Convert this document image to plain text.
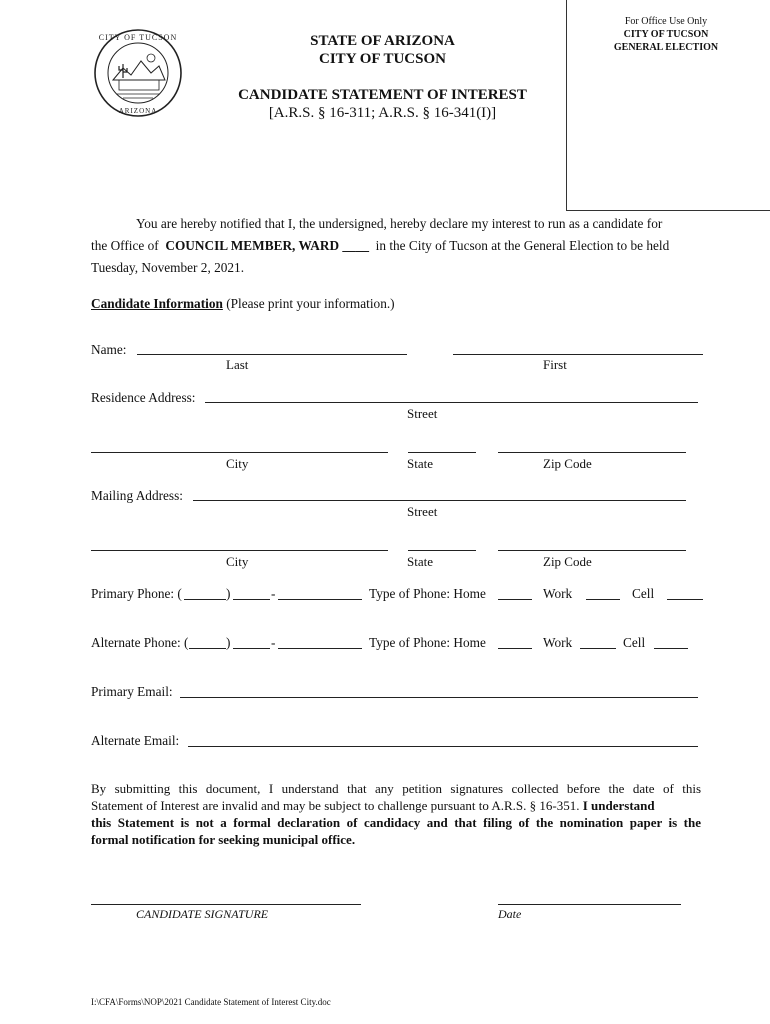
CITY OF TUCSON
ARIZONA
STATE OF ARIZONA
CITY OF TUCSON
CANDIDATE STATEMENT OF INTEREST
[A.R.S. § 16-311; A.R.S. § 16-341(I)]
For Office Use Only
CITY OF TUCSON
GENERAL ELECTION
You are hereby notified that I, the undersigned, hereby declare my interest to run as a candidate for
the Office of COUNCIL MEMBER, WARD ____ in the City of Tucson at the General Election to be held
Tuesday, November 2, 2021.
Candidate Information (Please print your information.)
Name:
Last	First
Residence Address:
Street
City	State	Zip Code
Mailing Address:
Street
City	State	Zip Code
Primary Phone: (	)	-	Type of Phone: Home	Work	Cell
Alternate Phone: (	)	-	Type of Phone: Home	Work	Cell
Primary Email:
Alternate Email:
By submitting this document, I understand that any petition signatures collected before the date of this
Statement of Interest are invalid and may be subject to challenge pursuant to A.R.S. § 16-351. I understand
this Statement is not a formal declaration of candidacy and that filing of the nomination paper is the
formal notification for seeking municipal office.
CANDIDATE SIGNATURE	Date
I:\CFA\Forms\NOP\2021 Candidate Statement of Interest City.doc
